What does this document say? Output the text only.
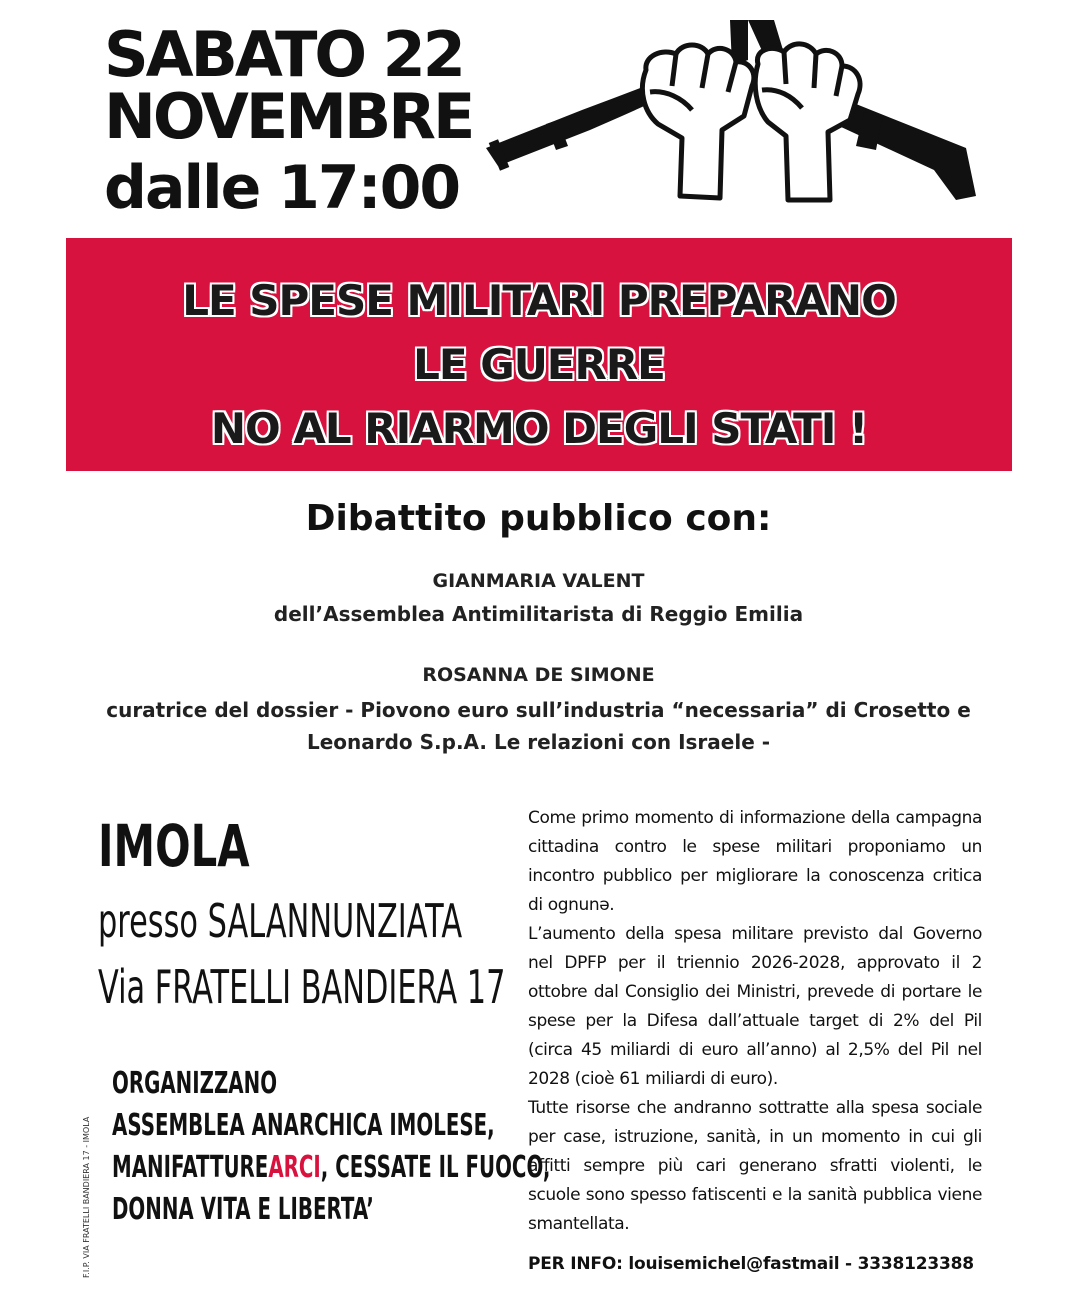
SABATO 22
NOVEMBRE
dalle 17:00
LE SPESE MILITARI PREPARANO
LE GUERRE
NO AL RIARMO DEGLI STATI !
Dibattito pubblico con:
GIANMARIA VALENT
dell’Assemblea Antimilitarista di Reggio Emilia
ROSANNA DE SIMONE
curatrice del dossier - Piovono euro sull’industria “necessaria” di Crosetto e
Leonardo S.p.A. Le relazioni con Israele -
IMOLA
presso SALANNUNZIATA
Via FRATELLI BANDIERA 17
ORGANIZZANO
ASSEMBLEA ANARCHICA IMOLESE,
MANIFATTUREARCI, CESSATE IL FUOCO,
DONNA VITA E LIBERTA’
F.I.P. VIA FRATELLI BANDIERA 17 - IMOLA

Come primo momento di informazione della campagna cittadina contro le spese militari proponiamo un incontro pubblico per migliorare la conoscenza critica di ognunə.

L’aumento della spesa militare previsto dal Governo nel DPFP per il triennio 2026-2028, approvato il 2 ottobre dal Consiglio dei Ministri, prevede di portare le spese per la Difesa dall’attuale target di 2% del Pil (circa 45 miliardi di euro all’anno) al 2,5% del Pil nel 2028 (cioè 61 miliardi di euro).

Tutte risorse che andranno sottratte alla spesa sociale per case, istruzione, sanità, in un momento in cui gli affitti sempre più cari generano sfratti violenti, le scuole sono spesso fatiscenti e la sanità pubblica viene smantellata.

PER INFO: louisemichel@fastmail - 3338123388
